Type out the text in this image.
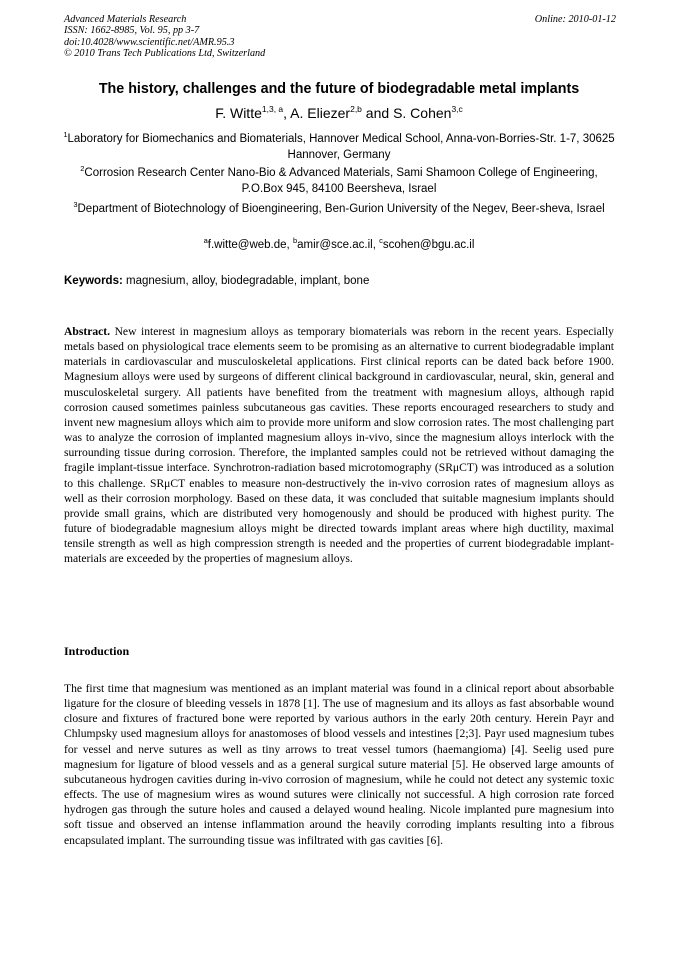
Advanced Materials Research
ISSN: 1662-8985, Vol. 95, pp 3-7
doi:10.4028/www.scientific.net/AMR.95.3
© 2010 Trans Tech Publications Ltd, Switzerland
Online: 2010-01-12
The history, challenges and the future of biodegradable metal implants
F. Witte$^{1,3, a}$, A. Eliezer$^{2,b}$ and S. Cohen$^{3,c}$
$^1$Laboratory for Biomechanics and Biomaterials, Hannover Medical School, Anna-von-Borries-Str. 1-7, 30625 Hannover, Germany
$^2$Corrosion Research Center Nano-Bio & Advanced Materials, Sami Shamoon College of Engineering, P.O.Box 945, 84100 Beersheva, Israel
$^3$Department of Biotechnology of Bioengineering, Ben-Gurion University of the Negev, Beer-sheva, Israel
$^a$f.witte@web.de, $^b$amir@sce.ac.il, $^c$scohen@bgu.ac.il
Keywords: magnesium, alloy, biodegradable, implant, bone

Abstract. New interest in magnesium alloys as temporary biomaterials was reborn in the recent years. Especially metals based on physiological trace elements seem to be promising as an alternative to current biodegradable implant materials in cardiovascular and musculoskeletal applications. First clinical reports can be dated back before 1900. Magnesium alloys were used by surgeons of different clinical background in cardiovascular, neural, skin, general and musculoskeletal surgery. All patients have benefited from the treatment with magnesium alloys, although rapid corrosion caused sometimes painless subcutaneous gas cavities. These reports encouraged researchers to study and invent new magnesium alloys which aim to provide more uniform and slow corrosion rates. The most challenging part was to analyze the corrosion of implanted magnesium alloys in-vivo, since the magnesium alloys interlock with the surrounding tissue during corrosion. Therefore, the implanted samples could not be retrieved without damaging the fragile implant-tissue interface. Synchrotron-radiation based microtomography (SRμCT) was introduced as a solution to this challenge. SRμCT enables to measure non-destructively the in-vivo corrosion rates of magnesium alloys as well as their corrosion morphology. Based on these data, it was concluded that suitable magnesium implants should provide small grains, which are distributed very homogenously and should be produced with highest purity. The future of biodegradable magnesium alloys might be directed towards implant areas where high ductility, maximal tensile strength as well as high compression strength is needed and the properties of current biodegradable implant-materials are exceeded by the properties of magnesium alloys.

Introduction

The first time that magnesium was mentioned as an implant material was found in a clinical report about absorbable ligature for the closure of bleeding vessels in 1878 [1]. The use of magnesium and its alloys as fast absorbable wound closure and fixtures of fractured bone were reported by various authors in the early 20th century. Herein Payr and Chlumpsky used magnesium alloys for anastomoses of blood vessels and intestines [2;3]. Payr used magnesium tubes for vessel and nerve sutures as well as tiny arrows to treat vessel tumors (haemangioma) [4]. Seelig used pure magnesium for ligature of blood vessels and as a general surgical suture material [5]. He observed large amounts of subcutaneous hydrogen cavities during in-vivo corrosion of magnesium, while he could not detect any systemic toxic effects. The use of magnesium wires as wound sutures were clinically not successful. A high corrosion rate forced hydrogen gas through the suture holes and caused a delayed wound healing. Nicole implanted pure magnesium into soft tissue and observed an intense inflammation around the heavily corroding implants resulting into a fibrous encapsulated implant. The surrounding tissue was infiltrated with gas cavities [6].
